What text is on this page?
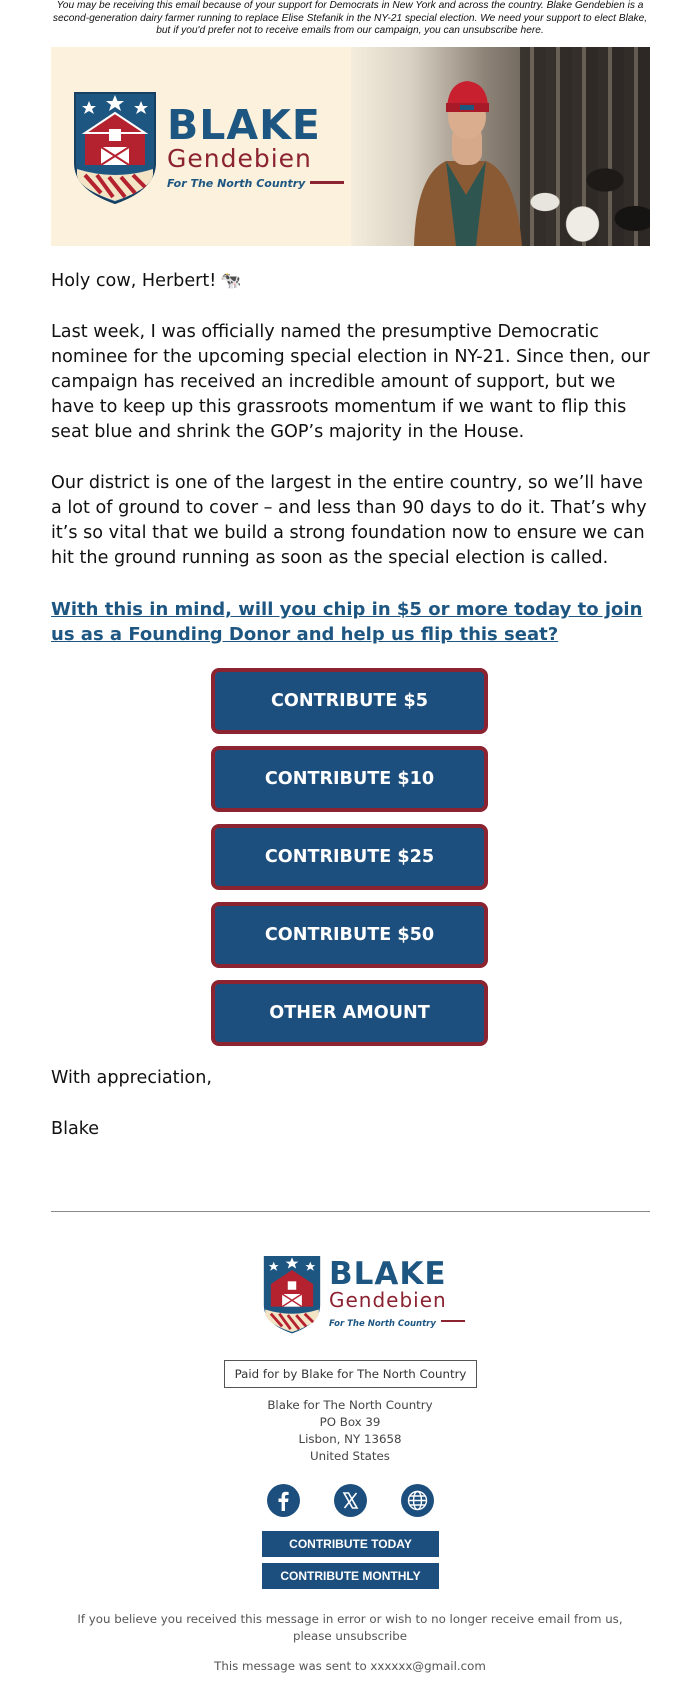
You may be receiving this email because of your support for Democrats in New York and across the country. Blake Gendebien is a second-generation dairy farmer running to replace Elise Stefanik in the NY-21 special election. We need your support to elect Blake, but if you'd prefer not to receive emails from our campaign, you can unsubscribe here.
BLAKE
Gendebien
For The North Country
Holy cow, Herbert! 🐄
Last week, I was officially named the presumptive Democratic nominee for the upcoming special election in NY-21. Since then, our campaign has received an incredible amount of support, but we have to keep up this grassroots momentum if we want to flip this seat blue and shrink the GOP’s majority in the House.
Our district is one of the largest in the entire country, so we’ll have a lot of ground to cover – and less than 90 days to do it. That’s why it’s so vital that we build a strong foundation now to ensure we can hit the ground running as soon as the special election is called.
With this in mind, will you chip in $5 or more today to join us as a Founding Donor and help us flip this seat?
CONTRIBUTE $5
CONTRIBUTE $10
CONTRIBUTE $25
CONTRIBUTE $50
OTHER AMOUNT
With appreciation,
Blake
BLAKE
Gendebien
For The North Country
Paid for by Blake for The North Country
Blake for The North Country
PO Box 39
Lisbon, NY 13658
United States
CONTRIBUTE TODAY
CONTRIBUTE MONTHLY
If you believe you received this message in error or wish to no longer receive email from us, please unsubscribe
This message was sent to xxxxxx@gmail.com
